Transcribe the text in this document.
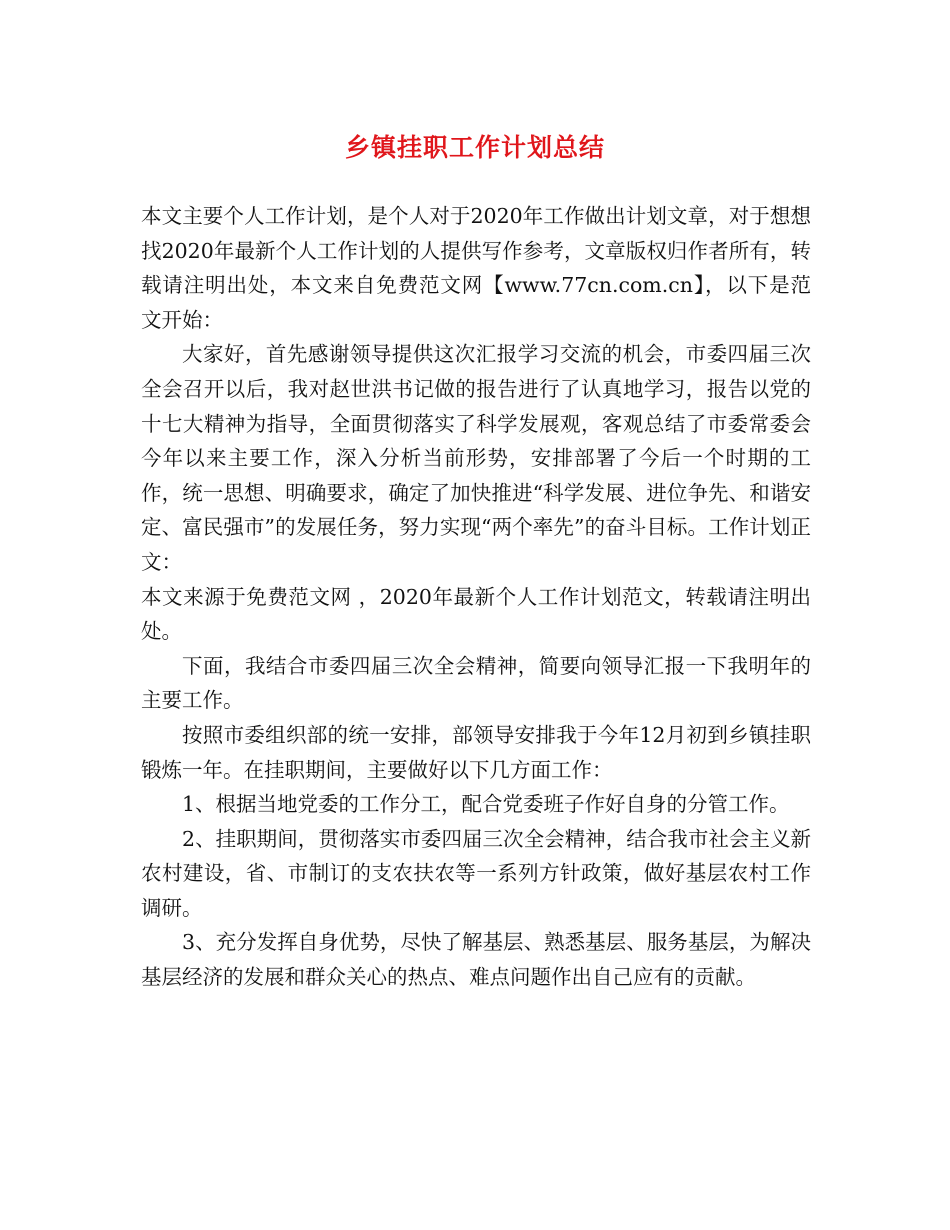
乡镇挂职工作计划总结

本文主要个人工作计划，是个人对于2020年工作做出计划文章，对于想想找2020年最新个人工作计划的人提供写作参考，文章版权归作者所有，转载请注明出处，本文来自免费范文网【www.77cn.com.cn】，以下是范文开始：

大家好，首先感谢领导提供这次汇报学习交流的机会，市委四届三次全会召开以后，我对赵世洪书记做的报告进行了认真地学习，报告以党的十七大精神为指导，全面贯彻落实了科学发展观，客观总结了市委常委会今年以来主要工作，深入分析当前形势，安排部署了今后一个时期的工作，统一思想、明确要求，确定了加快推进“科学发展、进位争先、和谐安定、富民强市”的发展任务，努力实现“两个率先”的奋斗目标。工作计划正文：

本文来源于免费范文网 ，2020年最新个人工作计划范文，转载请注明出处。

下面，我结合市委四届三次全会精神，简要向领导汇报一下我明年的主要工作。

按照市委组织部的统一安排，部领导安排我于今年12月初到乡镇挂职锻炼一年。在挂职期间，主要做好以下几方面工作：

1、根据当地党委的工作分工，配合党委班子作好自身的分管工作。

2、挂职期间，贯彻落实市委四届三次全会精神，结合我市社会主义新农村建设，省、市制订的支农扶农等一系列方针政策，做好基层农村工作调研。

3、充分发挥自身优势，尽快了解基层、熟悉基层、服务基层，为解决基层经济的发展和群众关心的热点、难点问题作出自己应有的贡献。
